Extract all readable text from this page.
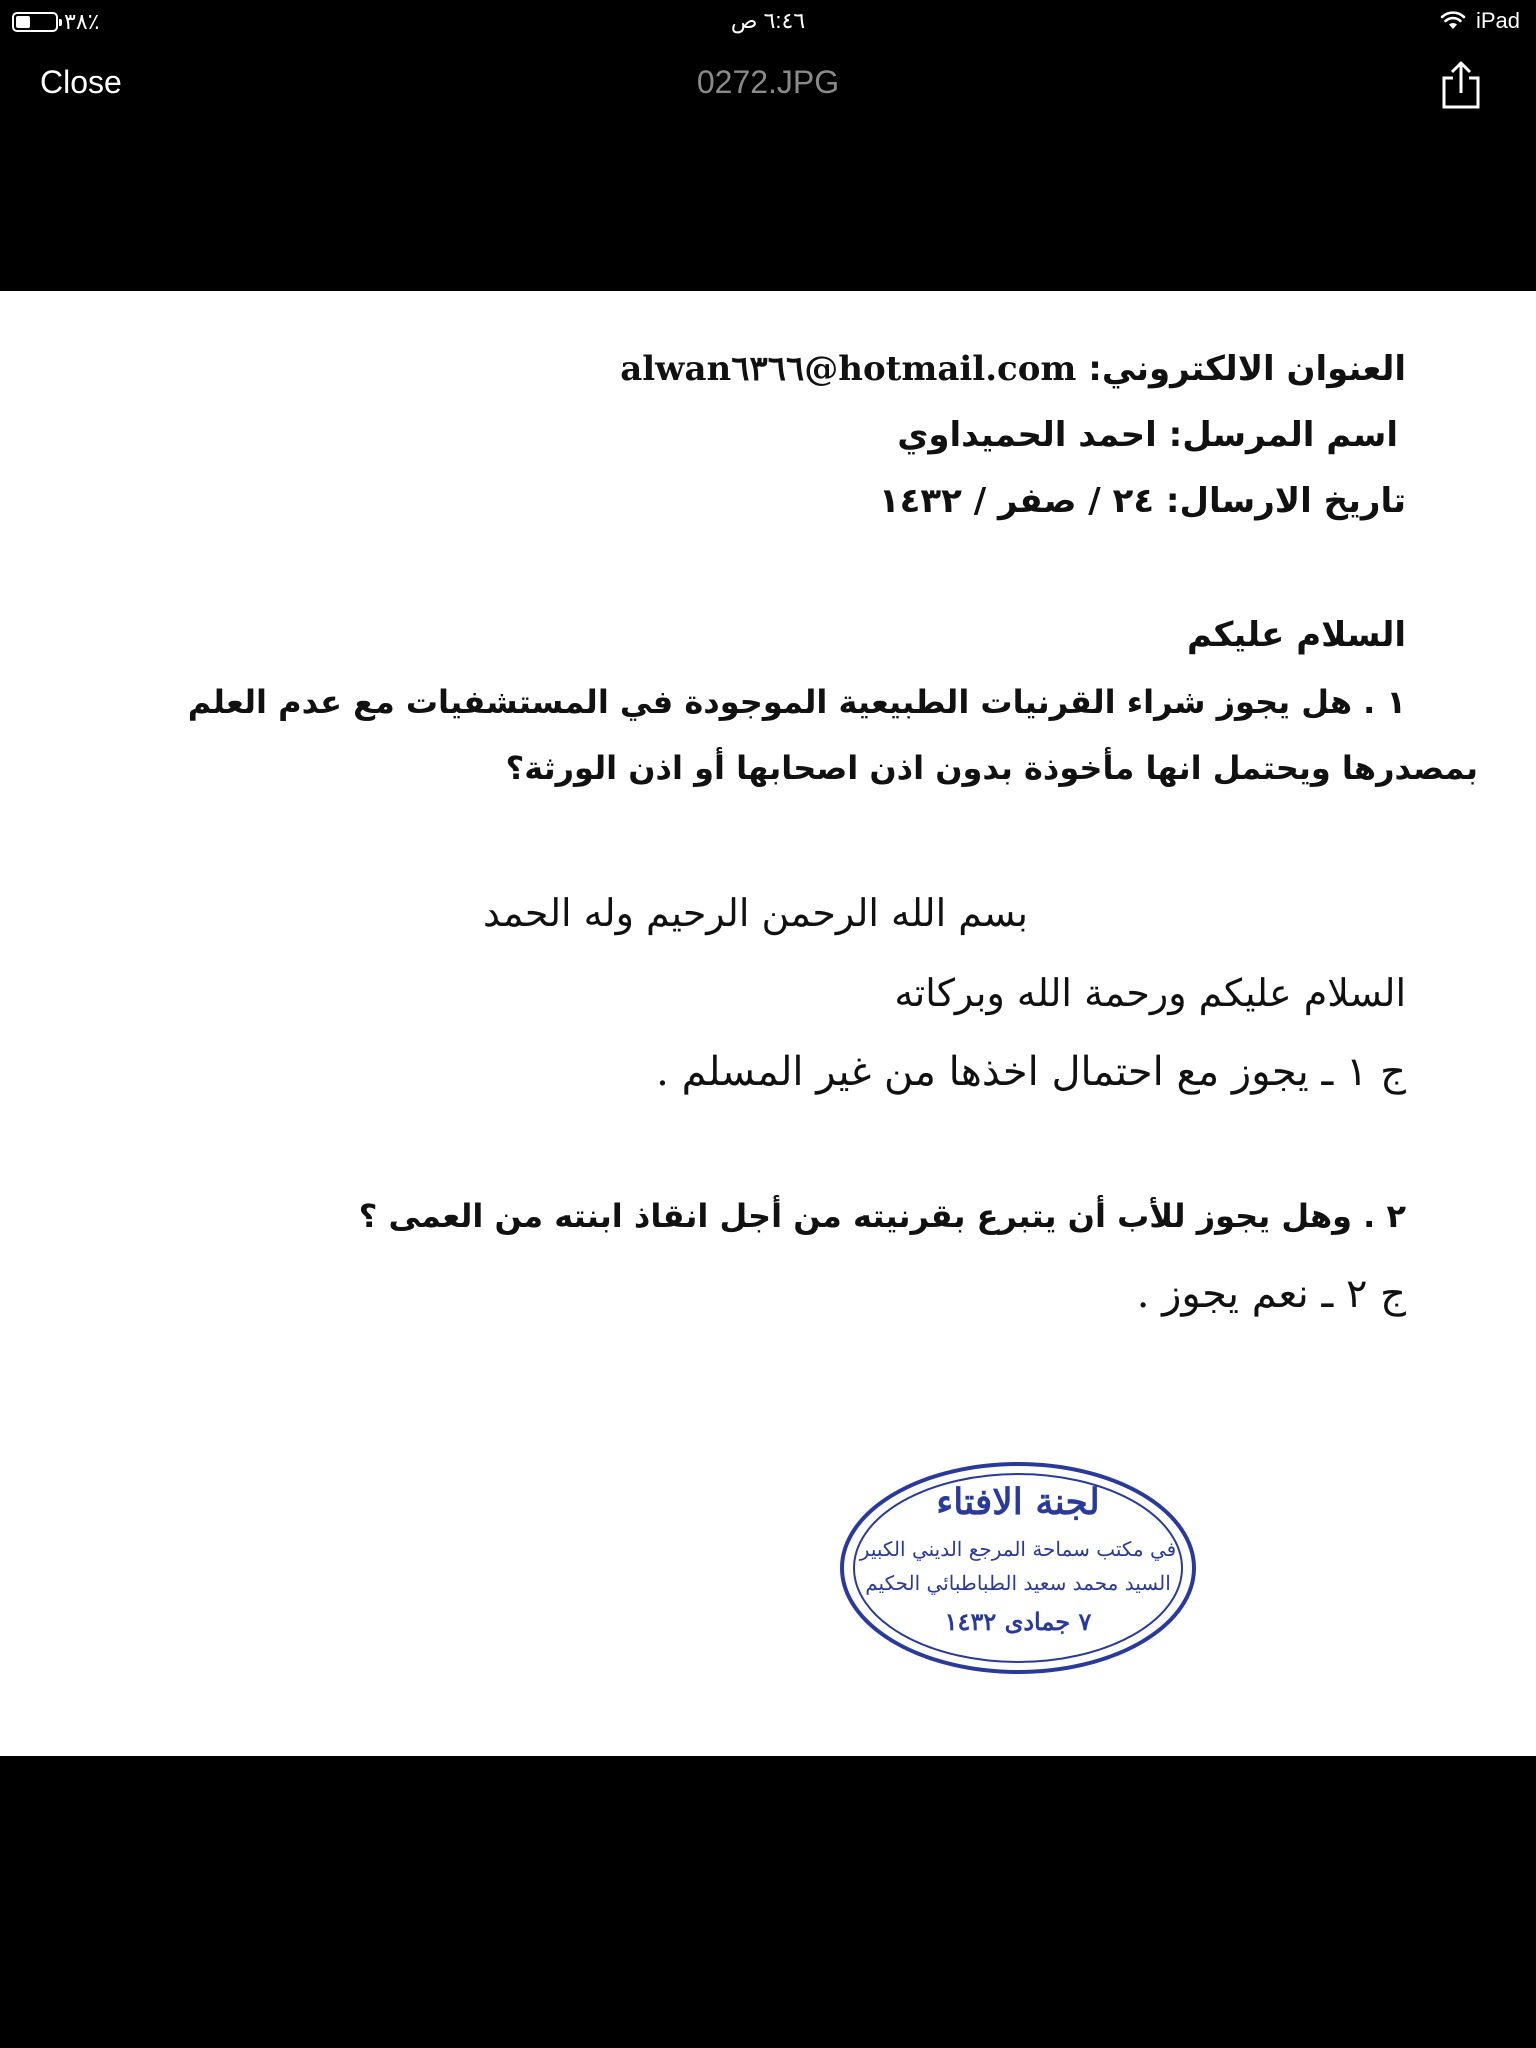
٣٨٪	٦:٤٦ ص	iPad
Close	0272.JPG
العنوان الالكتروني: alwan٦٣٦٦@hotmail.com
اسم المرسل: احمد الحميداوي
تاريخ الارسال: ٢٤ / صفر / ١٤٣٢
السلام عليكم
١ . هل يجوز شراء القرنيات الطبيعية الموجودة في المستشفيات مع عدم العلم
بمصدرها ويحتمل انها مأخوذة بدون اذن اصحابها أو اذن الورثة؟
بسم الله الرحمن الرحيم وله الحمد
السلام عليكم ورحمة الله وبركاته
ج ١ ـ يجوز مع احتمال اخذها من غير المسلم .
٢ . وهل يجوز للأب أن يتبرع بقرنيته من أجل انقاذ ابنته من العمى ؟
ج ٢ ـ نعم يجوز .
لجنة الافتاء
في مكتب سماحة المرجع الديني الكبير
السيد محمد سعيد الطباطبائي الحكيم
٧ جمادى ١٤٣٢
